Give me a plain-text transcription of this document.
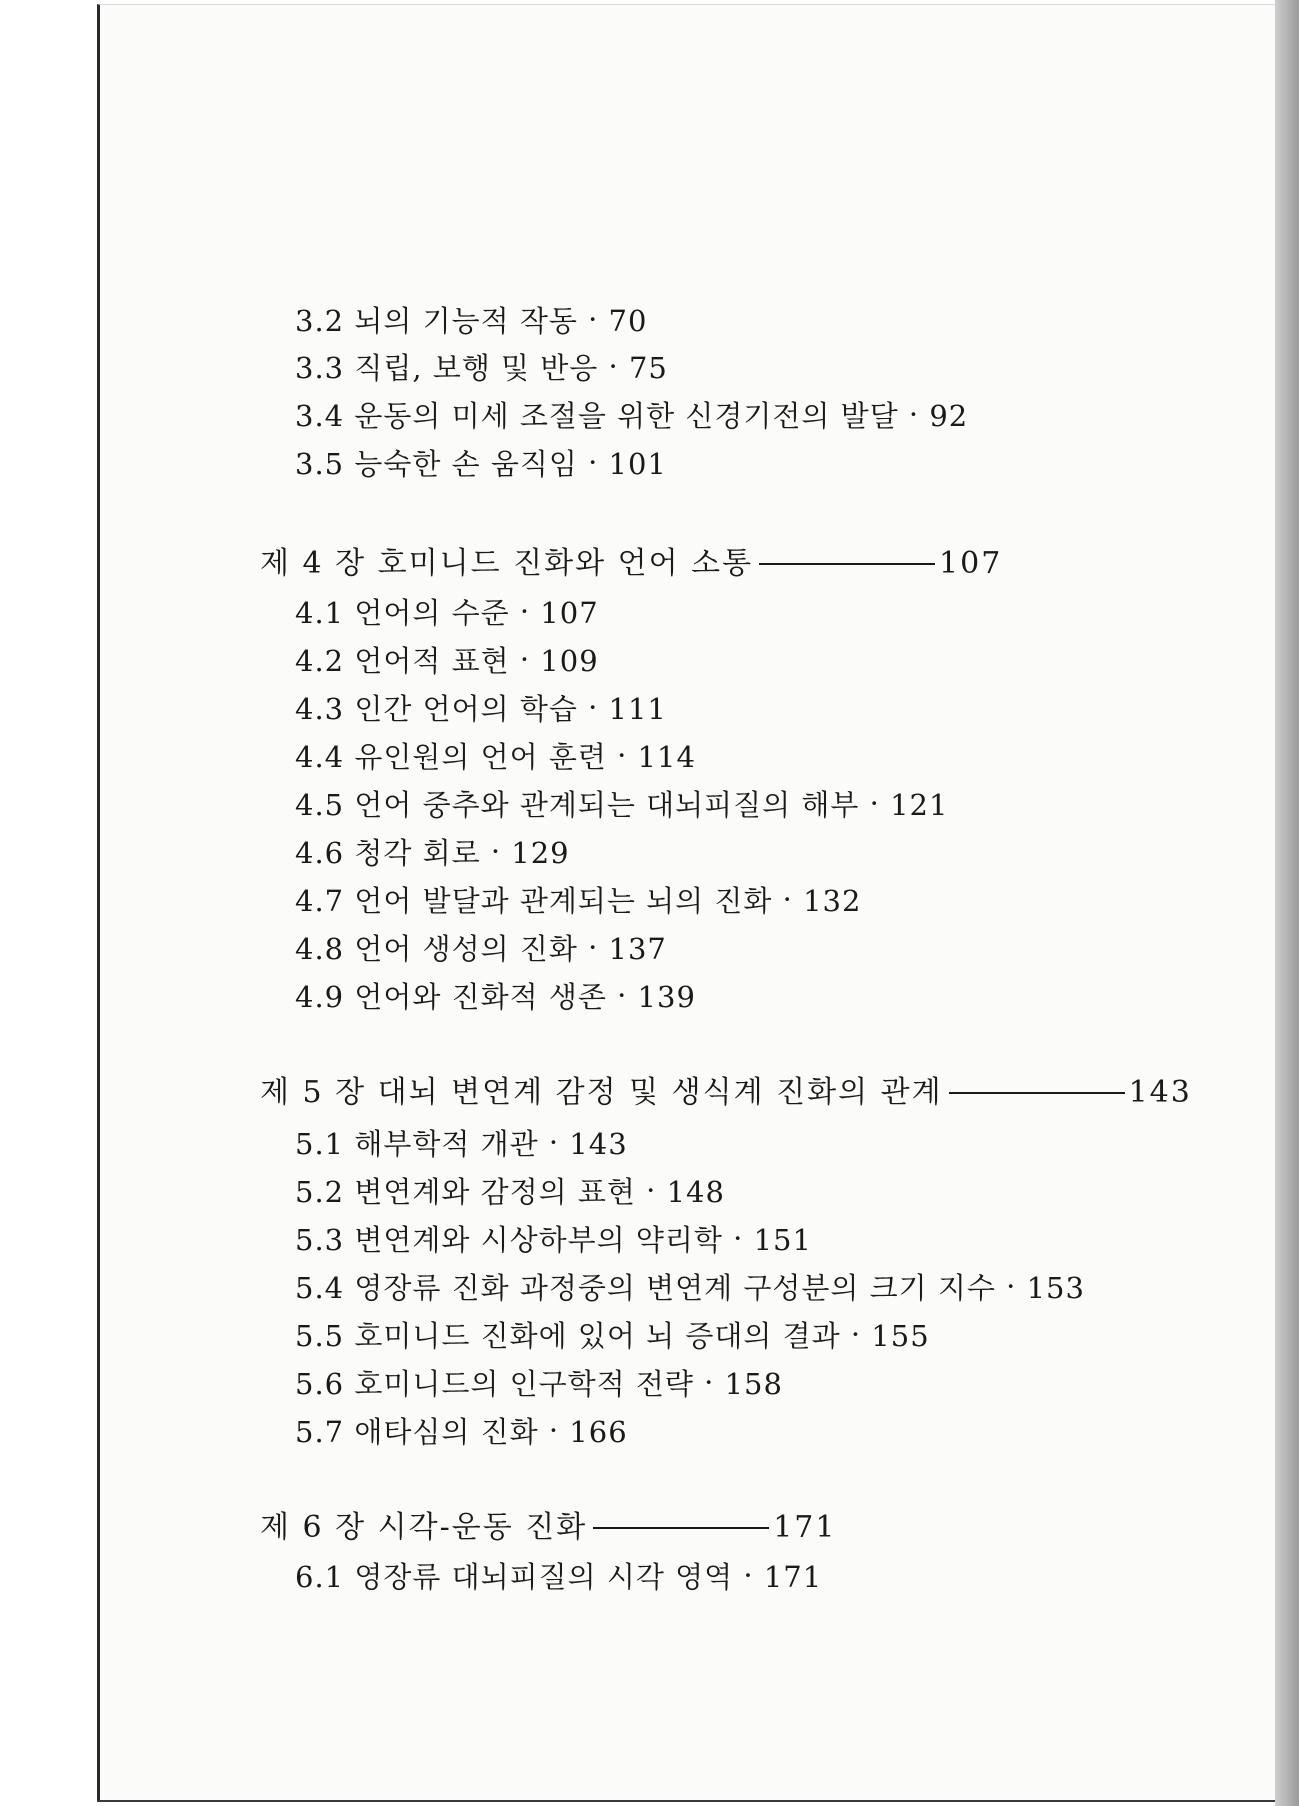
3.2 뇌의 기능적 작동 · 70
3.3 직립, 보행 및 반응 · 75
3.4 운동의 미세 조절을 위한 신경기전의 발달 · 92
3.5 능숙한 손 움직임 · 101
제 4 장 호미니드 진화와 언어 소통	107
4.1 언어의 수준 · 107
4.2 언어적 표현 · 109
4.3 인간 언어의 학습 · 111
4.4 유인원의 언어 훈련 · 114
4.5 언어 중추와 관계되는 대뇌피질의 해부 · 121
4.6 청각 회로 · 129
4.7 언어 발달과 관계되는 뇌의 진화 · 132
4.8 언어 생성의 진화 · 137
4.9 언어와 진화적 생존 · 139
제 5 장 대뇌 변연계 감정 및 생식계 진화의 관계	143
5.1 해부학적 개관 · 143
5.2 변연계와 감정의 표현 · 148
5.3 변연계와 시상하부의 약리학 · 151
5.4 영장류 진화 과정중의 변연계 구성분의 크기 지수 · 153
5.5 호미니드 진화에 있어 뇌 증대의 결과 · 155
5.6 호미니드의 인구학적 전략 · 158
5.7 애타심의 진화 · 166
제 6 장 시각-운동 진화	171
6.1 영장류 대뇌피질의 시각 영역 · 171
